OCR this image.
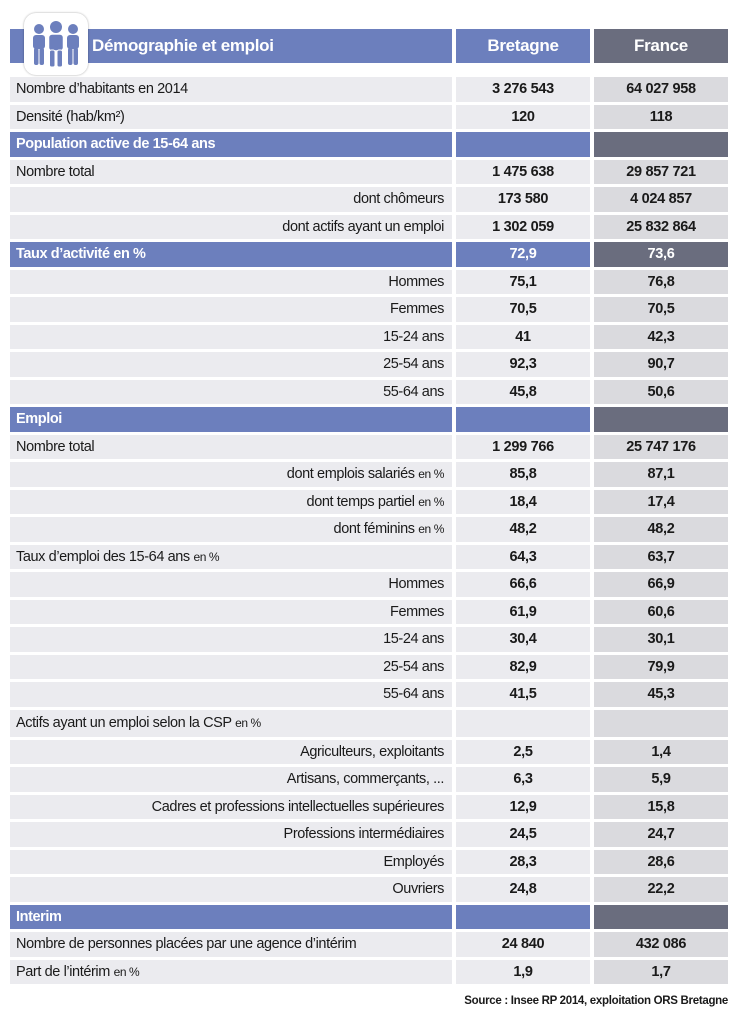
Démographie et emploi	Bretagne	France
Nombre d’habitants en 2014	3 276 543	64 027 958
Densité (hab/km²)	120	118
Population active de 15-64 ans
Nombre total	1 475 638	29 857 721
dont chômeurs	173 580	4 024 857
dont actifs ayant un emploi	1 302 059	25 832 864
Taux d’activité en %	72,9	73,6
Hommes	75,1	76,8
Femmes	70,5	70,5
15-24 ans	41	42,3
25-54 ans	92,3	90,7
55-64 ans	45,8	50,6
Emploi
Nombre total	1 299 766	25 747 176
dont emplois salariés en %	85,8	87,1
dont temps partiel en %	18,4	17,4
dont féminins en %	48,2	48,2
Taux d’emploi des 15-64 ans en %	64,3	63,7
Hommes	66,6	66,9
Femmes	61,9	60,6
15-24 ans	30,4	30,1
25-54 ans	82,9	79,9
55-64 ans	41,5	45,3
Actifs ayant un emploi selon la CSP en %
Agriculteurs, exploitants	2,5	1,4
Artisans, commerçants, ...	6,3	5,9
Cadres et professions intellectuelles supérieures	12,9	15,8
Professions intermédiaires	24,5	24,7
Employés	28,3	28,6
Ouvriers	24,8	22,2
Interim
Nombre de personnes placées par une agence d’intérim	24 840	432 086
Part de l’intérim en %	1,9	1,7
Source : Insee RP 2014, exploitation ORS Bretagne
